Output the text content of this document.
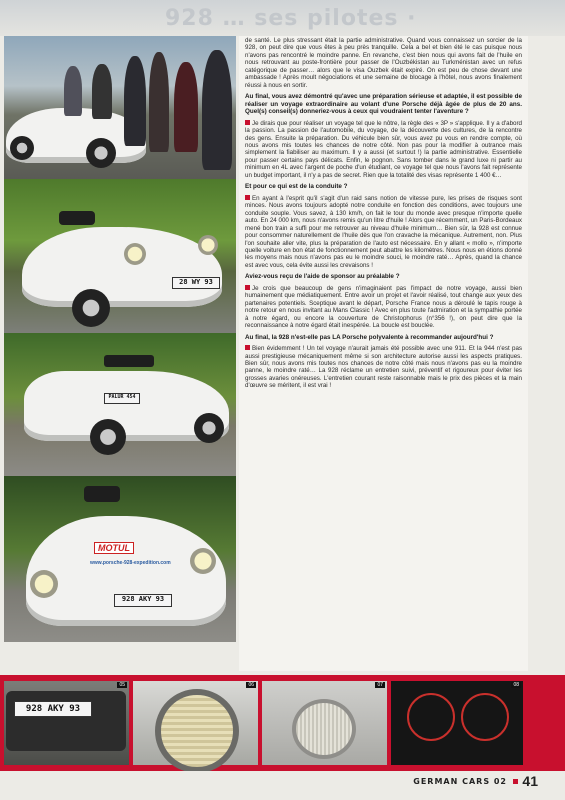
928 … ses pilotes ·
28 WY 93
PALUR 454
MOTUL
www.porsche-928-expedition.com
928 AKY 93

de santé. Le plus stressant était la partie administrative. Quand vous connaissez un sorcier de la 928, on peut dire que vous êtes à peu près tranquille. Cela a bel et bien été le cas puisque nous n'avons pas rencontré le moindre panne. En revanche, c'est bien nous qui avons fait de l'huile en nous retrouvant au poste-frontière pour passer de l'Ouzbékistan au Turkménistan avec un refus catégorique de passer… alors que le visa Ouzbek était expiré. On est peu de chose devant une ambassade ! Après moult négociations et une semaine de blocage à l'hôtel, nous avons finalement réussi à nous en sortir.

Au final, vous avez démontré qu'avec une préparation sérieuse et adaptée, il est possible de réaliser un voyage extraordinaire au volant d'une Porsche déjà âgée de plus de 20 ans. Quel(s) conseil(s) donneriez-vous à ceux qui voudraient tenter l'aventure ?

Je dirais que pour réaliser un voyage tel que le nôtre, la règle des « 3P » s'applique. Il y a d'abord la passion. La passion de l'automobile, du voyage, de la découverte des cultures, de la rencontre des gens. Ensuite la préparation. Du véhicule bien sûr, vous avez pu vous en rendre compte, où nous avons mis toutes les chances de notre côté. Non pas pour la modifier à outrance mais simplement la fiabiliser au maximum. Il y a aussi (et surtout !) la partie administrative. Essentielle pour passer certains pays délicats. Enfin, le pognon. Sans tomber dans le grand luxe ni partir au minimum en 4L avec l'argent de poche d'un étudiant, ce voyage tel que nous l'avons fait représente un budget important, il n'y a pas de secret. Rien que la totalité des visas représente 1 400 €…

Et pour ce qui est de la conduite ?

En ayant à l'esprit qu'il s'agit d'un raid sans notion de vitesse pure, les prises de risques sont minces. Nous avons toujours adopté notre conduite en fonction des conditions, avec toujours une conduite souple. Vous savez, à 130 km/h, on fait le tour du monde avec presque n'importe quelle auto. En 24 000 km, nous n'avons remis qu'un litre d'huile ! Alors que récemment, un Paris-Bordeaux mené bon train a suffi pour me retrouver au niveau d'huile minimum… Bien sûr, la 928 est connue pour consommer naturellement de l'huile dès que l'on cravache la mécanique. Autrement, non. Plus l'on souhaite aller vite, plus la préparation de l'auto est nécessaire. En y allant « mollo », n'importe quelle voiture en bon état de fonctionnement peut abattre les kilomètres. Nous nous en étions donné les moyens mais nous n'avons pas eu le moindre souci, le moindre raté… Après, quand la chance est avec vous, cela évite aussi les crevaisons !

Aviez-vous reçu de l'aide de sponsor au préalable ?

Je crois que beaucoup de gens n'imaginaient pas l'impact de notre voyage, aussi bien humainement que médiatiquement. Entre avoir un projet et l'avoir réalisé, tout change aux yeux des partenaires potentiels. Sceptique avant le départ, Porsche France nous a déroulé le tapis rouge à notre retour en nous invitant au Mans Classic ! Avec en plus toute l'admiration et la sympathie portée à notre égard, ou encore la couverture de Christophorus (n°356 !), on peut dire que la reconnaissance à notre égard était inespérée. La boucle est bouclée.

Au final, la 928 n'est-elle pas LA Porsche polyvalente à recommander aujourd'hui ?

Bien évidemment ! Un tel voyage n'aurait jamais été possible avec une 911. Et la 944 n'est pas aussi prestigieuse mécaniquement même si son architecture autorise aussi les aspects pratiques. Bien sûr, nous avons mis toutes nos chances de notre côté mais nous n'avons pas eu la moindre panne, le moindre raté… La 928 réclame un entretien suivi, préventif et rigoureux pour éviter les grosses avaries onéreuses. L'entretien courant reste raisonnable mais le prix des pièces et la main d'œuvre se méritent, il est vrai !

928 AKY 93
05	06	07	08
GERMAN CARS 02 41
